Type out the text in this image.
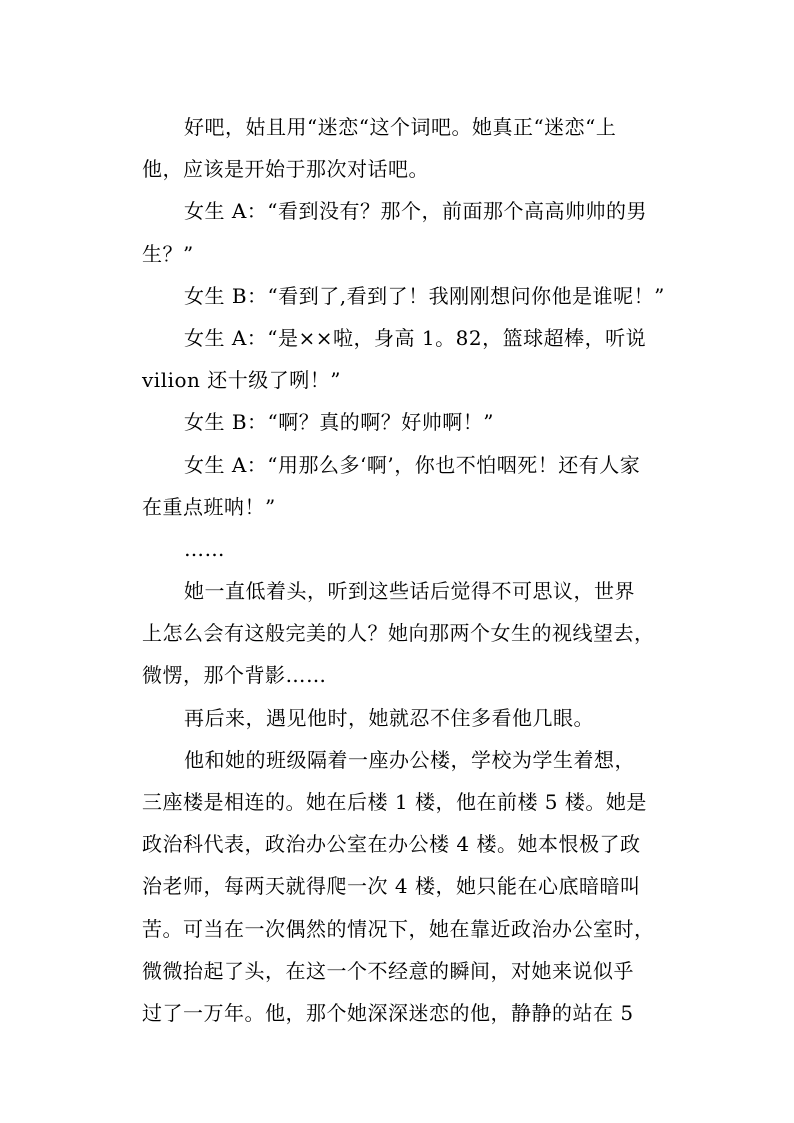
好吧，姑且用“迷恋“这个词吧。她真正“迷恋“上
他，应该是开始于那次对话吧。
女生 A：“看到没有？那个，前面那个高高帅帅的男
生？”
女生 B：“看到了,看到了！我刚刚想问你他是谁呢！”
女生 A：“是××啦，身高 1。82，篮球超棒，听说
vilion 还十级了咧！”
女生 B：“啊？真的啊？好帅啊！”
女生 A：“用那么多‘啊’，你也不怕咽死！还有人家
在重点班呐！”
……
她一直低着头，听到这些话后觉得不可思议，世界
上怎么会有这般完美的人？她向那两个女生的视线望去，
微愣，那个背影……
再后来，遇见他时，她就忍不住多看他几眼。
他和她的班级隔着一座办公楼，学校为学生着想，
三座楼是相连的。她在后楼 1 楼，他在前楼 5 楼。她是
政治科代表，政治办公室在办公楼 4 楼。她本恨极了政
治老师，每两天就得爬一次 4 楼，她只能在心底暗暗叫
苦。可当在一次偶然的情况下，她在靠近政治办公室时，
微微抬起了头，在这一个不经意的瞬间，对她来说似乎
过了一万年。他，那个她深深迷恋的他，静静的站在 5
